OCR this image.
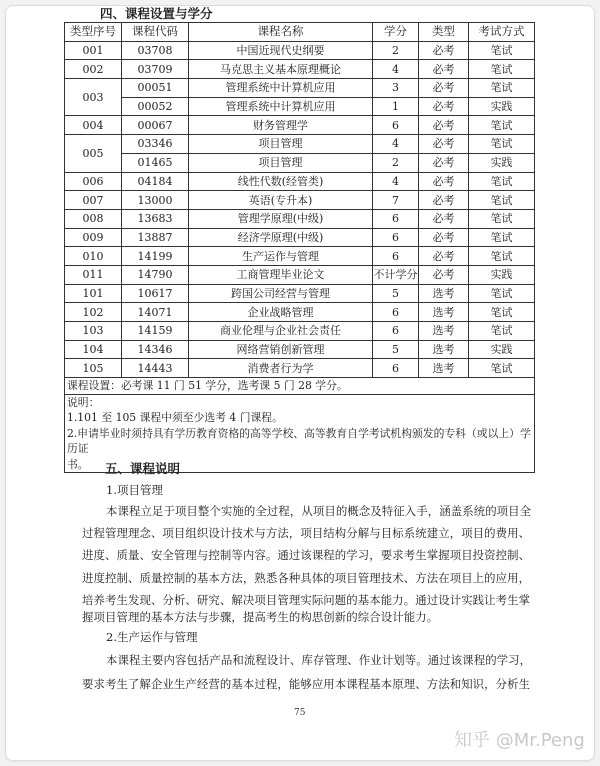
四、课程设置与学分
类型序号	课程代码	课程名称	学分	类型	考试方式
001	03708	中国近现代史纲要	2	必考	笔试
002	03709	马克思主义基本原理概论	4	必考	笔试
003	00051	管理系统中计算机应用	3	必考	笔试
	00052	管理系统中计算机应用	1	必考	实践
004	00067	财务管理学	6	必考	笔试
005	03346	项目管理	4	必考	笔试
	01465	项目管理	2	必考	实践
006	04184	线性代数(经管类)	4	必考	笔试
007	13000	英语(专升本)	7	必考	笔试
008	13683	管理学原理(中级)	6	必考	笔试
009	13887	经济学原理(中级)	6	必考	笔试
010	14199	生产运作与管理	6	必考	笔试
011	14790	工商管理毕业论文	不计学分	必考	实践
101	10617	跨国公司经营与管理	5	选考	笔试
102	14071	企业战略管理	6	选考	笔试
103	14159	商业伦理与企业社会责任	6	选考	笔试
104	14346	网络营销创新管理	5	选考	实践
105	14443	消费者行为学	6	选考	笔试
课程设置：必考课 11 门 51 学分，选考课 5 门 28 学分。					

说明：
1.101 至 105 课程中须至少选考 4 门课程。
2.申请毕业时须持具有学历教育资格的高等学校、高等教育自学考试机构颁发的专科（或以上）学历证
书。						五、课程说明
1.项目管理
本课程立足于项目整个实施的全过程，从项目的概念及特征入手，涵盖系统的项目全
过程管理理念、项目组织设计技术与方法，项目结构分解与目标系统建立，项目的费用、
进度、质量、安全管理与控制等内容。通过该课程的学习，要求考生掌握项目投资控制、
进度控制、质量控制的基本方法，熟悉各种具体的项目管理技术、方法在项目上的应用，
培养考生发现、分析、研究、解决项目管理实际问题的基本能力。通过设计实践让考生掌
握项目管理的基本方法与步骤，提高考生的构思创新的综合设计能力。
2.生产运作与管理
本课程主要内容包括产品和流程设计、库存管理、作业计划等。通过该课程的学习，
要求考生了解企业生产经营的基本过程，能够应用本课程基本原理、方法和知识，分析生
75
知乎 @Mr.Peng
